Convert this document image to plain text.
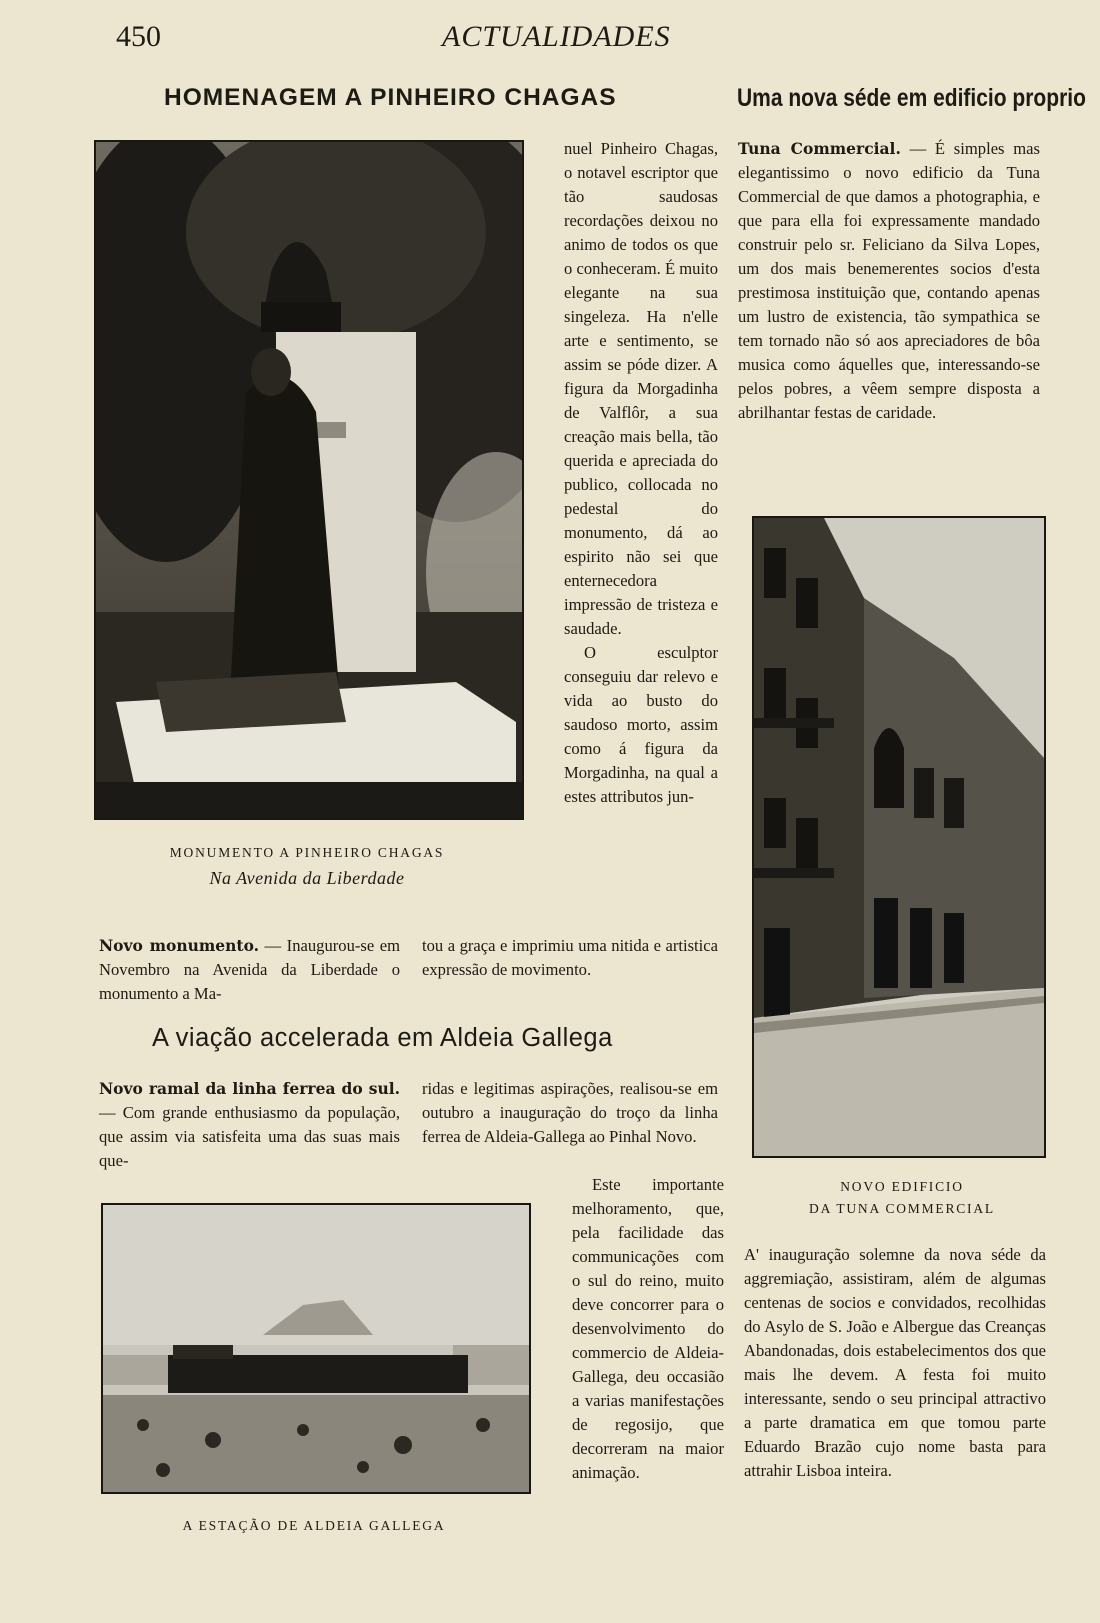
450	ACTUALIDADES
HOMENAGEM A PINHEIRO CHAGAS
MONUMENTO A PINHEIRO CHAGAS
Na Avenida da Liberdade

nuel Pinheiro Chagas, o notavel escriptor que tão saudosas recordações deixou no animo de todos os que o conheceram. É muito elegante na sua singeleza. Ha n'elle arte e sentimento, se assim se póde dizer. A figura da Morgadinha de Valflôr, a sua creação mais bella, tão querida e apreciada do publico, collocada no pedestal do monumento, dá ao espirito não sei que enternecedora impressão de tristeza e saudade.

O esculptor conseguiu dar relevo e vida ao busto do saudoso morto, assim como á figura da Morgadinha, na qual a estes attributos jun-

Novo monumento. — Inaugurou-se em Novembro na Avenida da Liberdade o monumento a Ma-

tou a graça e imprimiu uma nitida e artistica expressão de movimento.

Uma nova séde em edificio proprio

Tuna Commercial. — É simples mas elegantissimo o novo edificio da Tuna Commercial de que damos a photographia, e que para ella foi expressamente mandado construir pelo sr. Feliciano da Silva Lopes, um dos mais benemerentes socios d'esta prestimosa instituição que, contando apenas um lustro de existencia, tão sympathica se tem tornado não só aos apreciadores de bôa musica como áquelles que, interessando-se pelos pobres, a vêem sempre disposta a abrilhantar festas de caridade.

NOVO EDIFICIO
DA TUNA COMMERCIAL

A' inauguração solemne da nova séde da aggremiação, assistiram, além de algumas centenas de socios e convidados, recolhidas do Asylo de S. João e Albergue das Creanças Abandonadas, dois estabelecimentos dos que mais lhe devem. A festa foi muito interessante, sendo o seu principal attractivo a parte dramatica em que tomou parte Eduardo Brazão cujo nome basta para attrahir Lisboa inteira.

A viação accelerada em Aldeia Gallega

Novo ramal da linha ferrea do sul. — Com grande enthusiasmo da população, que assim via satisfeita uma das suas mais que-

ridas e legitimas aspirações, realisou-se em outubro a inauguração do troço da linha ferrea de Aldeia-Gallega ao Pinhal Novo.

Este importante melhoramento, que, pela facilidade das communicações com o sul do reino, muito deve concorrer para o desenvolvimento do commercio de Aldeia-Gallega, deu occasião a varias manifestações de regosijo, que decorreram na maior animação.

A ESTAÇÃO DE ALDEIA GALLEGA
